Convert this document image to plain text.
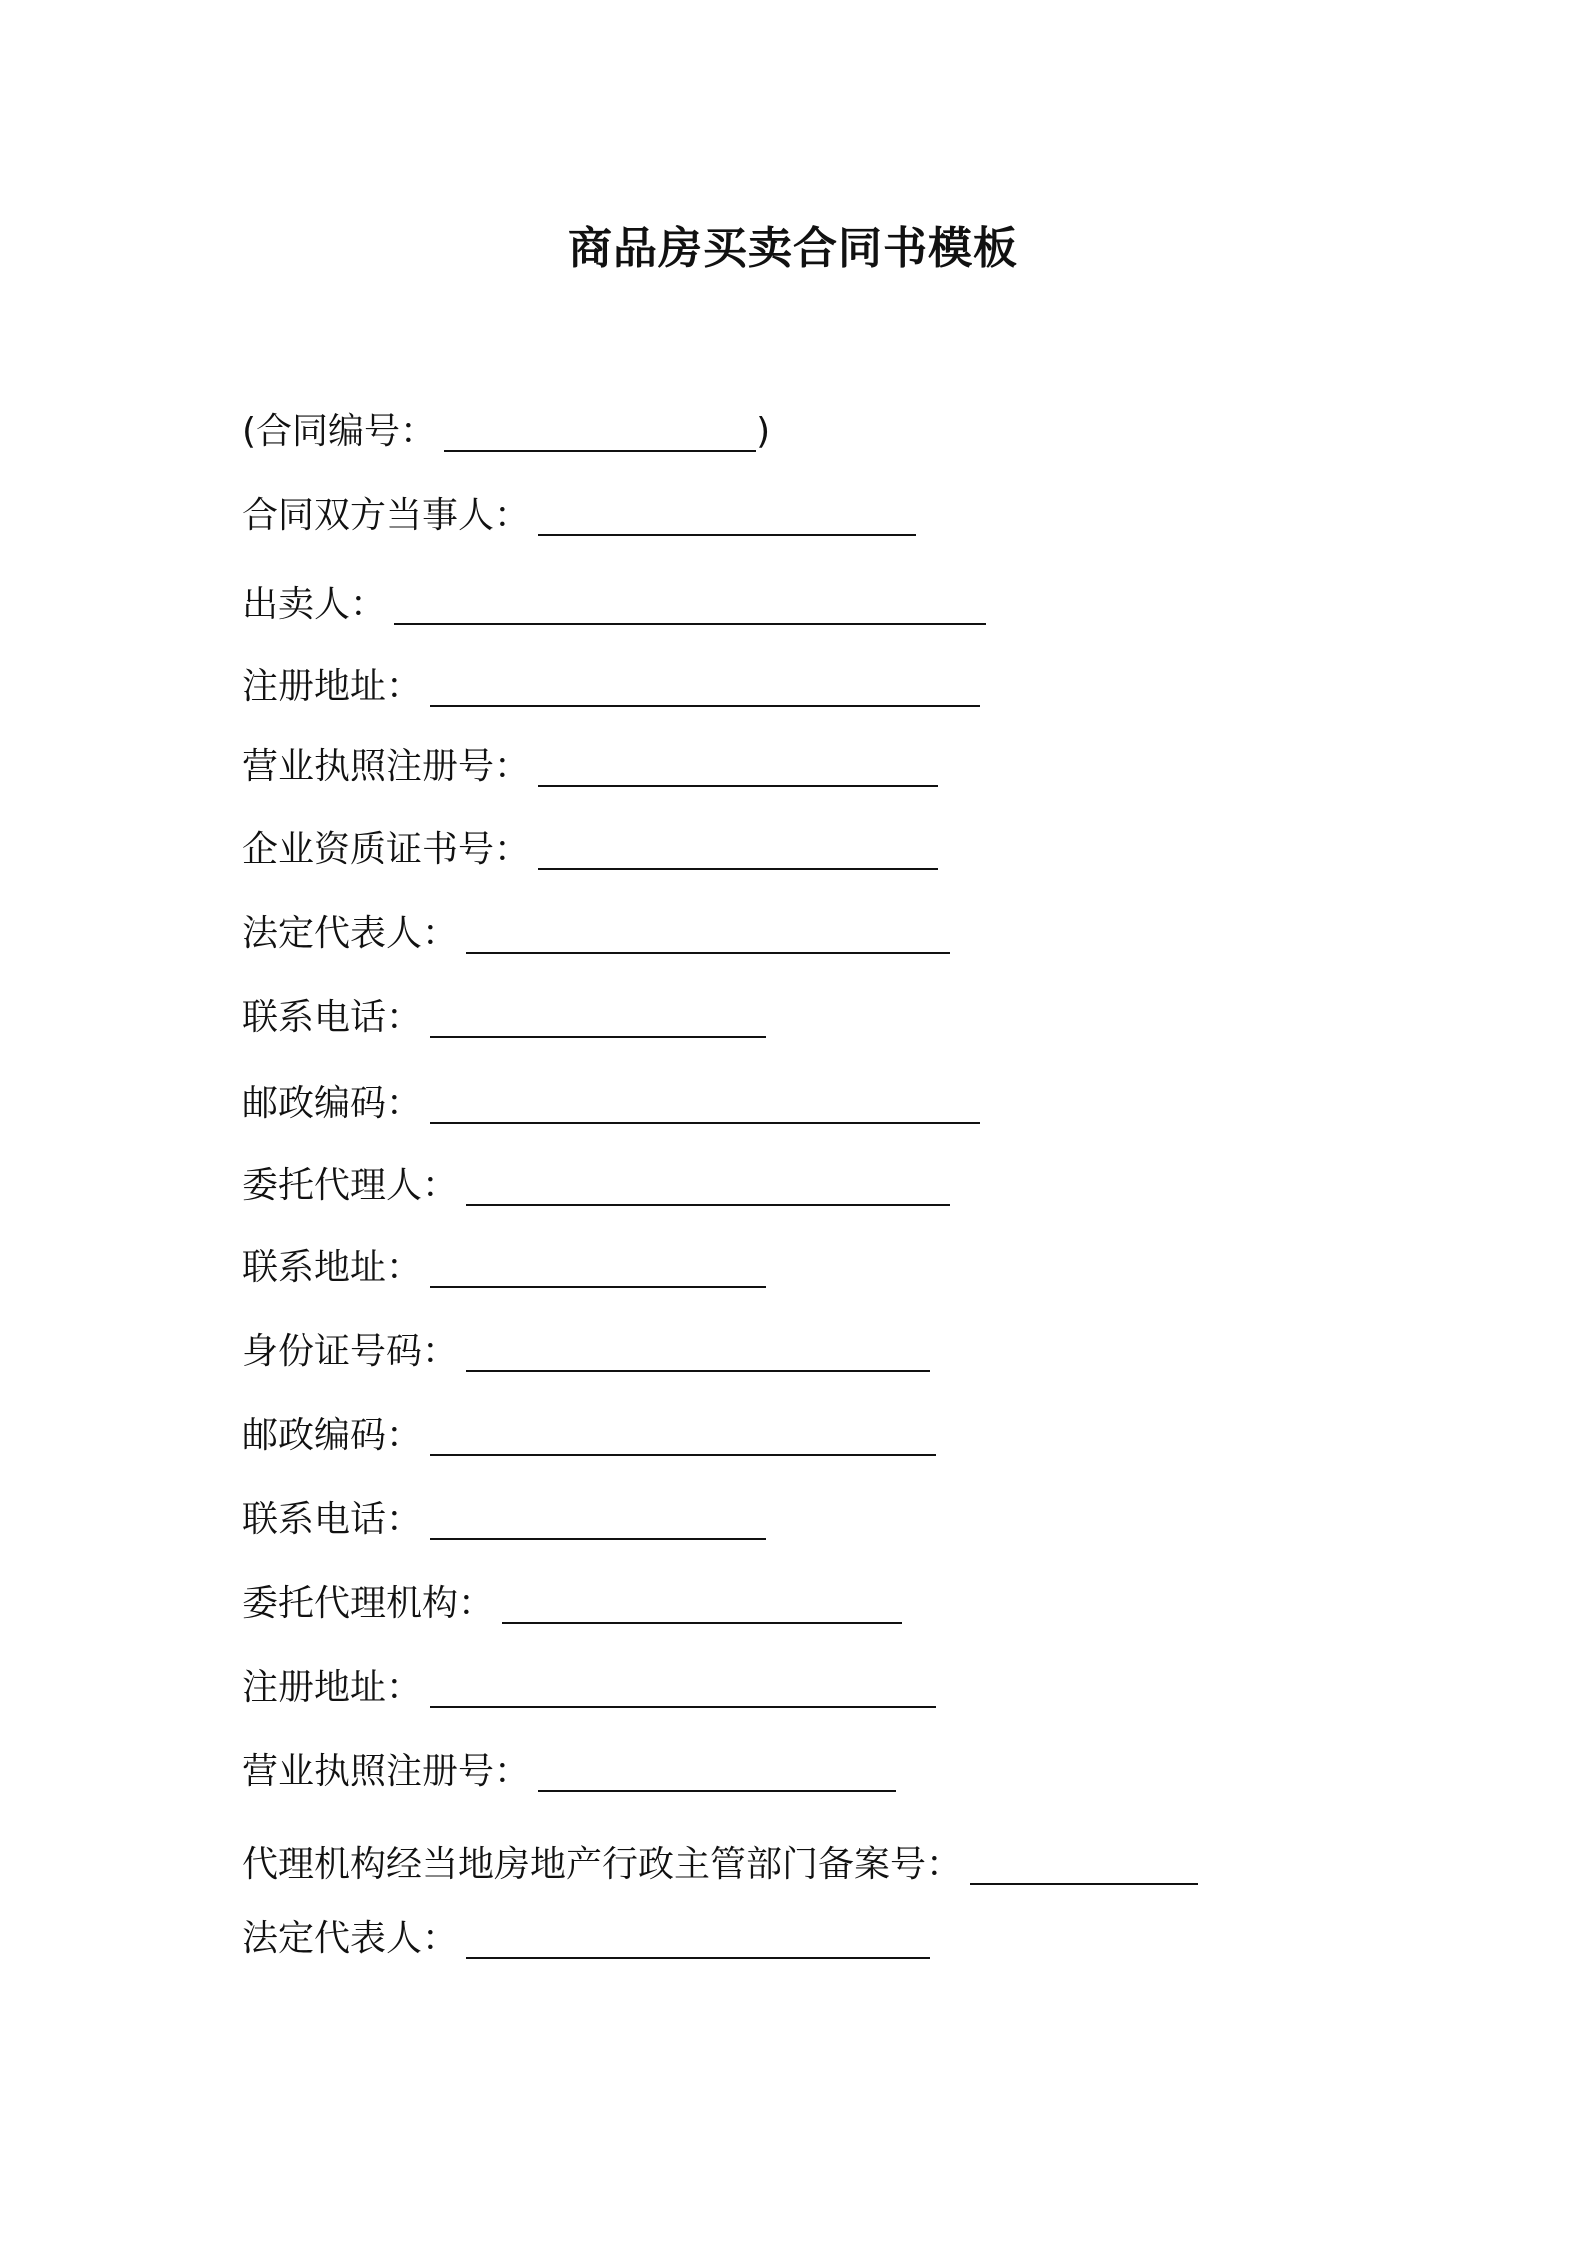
商品房买卖合同书模板
( 合同编号：	)
合同双方当事人：
出卖人：
注册地址：
营业执照注册号：
企业资质证书号：
法定代表人：
联系电话：
邮政编码：
委托代理人：
联系地址：
身份证号码：
邮政编码：
联系电话：
委托代理机构：
注册地址：
营业执照注册号：
代理机构经当地房地产行政主管部门备案号：
法定代表人：
